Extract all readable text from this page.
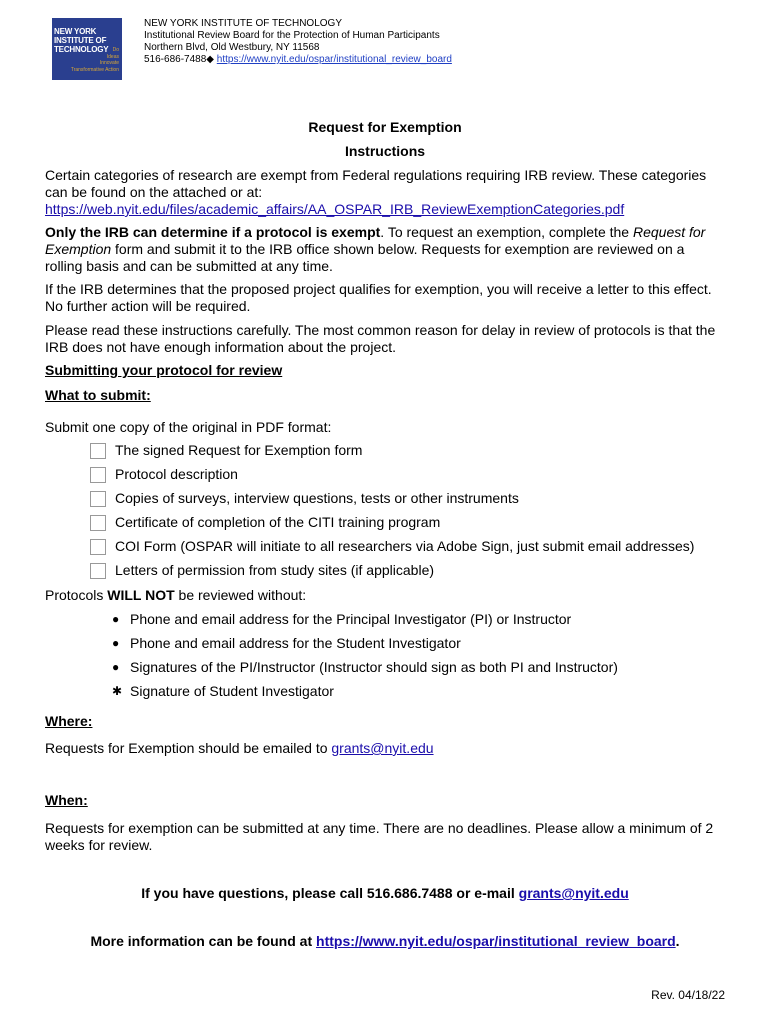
NEW YORK INSTITUTE OF TECHNOLOGY Do
Ideas
Innovate
Transformative Action
NEW YORK INSTITUTE OF TECHNOLOGY
Institutional Review Board for the Protection of Human Participants
Northern Blvd, Old Westbury, NY 11568
516-686-7488◆ https://www.nyit.edu/ospar/institutional_review_board
Request for Exemption
Instructions
Certain categories of research are exempt from Federal regulations requiring IRB review. These categories can be found on the attached or at:
https://web.nyit.edu/files/academic_affairs/AA_OSPAR_IRB_ReviewExemptionCategories.pdf
Only the IRB can determine if a protocol is exempt. To request an exemption, complete the Request for Exemption form and submit it to the IRB office shown below. Requests for exemption are reviewed on a rolling basis and can be submitted at any time.
If the IRB determines that the proposed project qualifies for exemption, you will receive a letter to this effect. No further action will be required.
Please read these instructions carefully. The most common reason for delay in review of protocols is that the IRB does not have enough information about the project.
Submitting your protocol for review
What to submit:
Submit one copy of the original in PDF format:
The signed Request for Exemption form
Protocol description
Copies of surveys, interview questions, tests or other instruments
Certificate of completion of the CITI training program
COI Form (OSPAR will initiate to all researchers via Adobe Sign, just submit email addresses)
Letters of permission from study sites (if applicable)
Protocols WILL NOT be reviewed without:
● Phone and email address for the Principal Investigator (PI) or Instructor
● Phone and email address for the Student Investigator
● Signatures of the PI/Instructor (Instructor should sign as both PI and Instructor)
✱ Signature of Student Investigator
Where:
Requests for Exemption should be emailed to grants@nyit.edu
When:
Requests for exemption can be submitted at any time. There are no deadlines. Please allow a minimum of 2 weeks for review.
If you have questions, please call 516.686.7488 or e-mail grants@nyit.edu
More information can be found at https://www.nyit.edu/ospar/institutional_review_board.
Rev. 04/18/22
